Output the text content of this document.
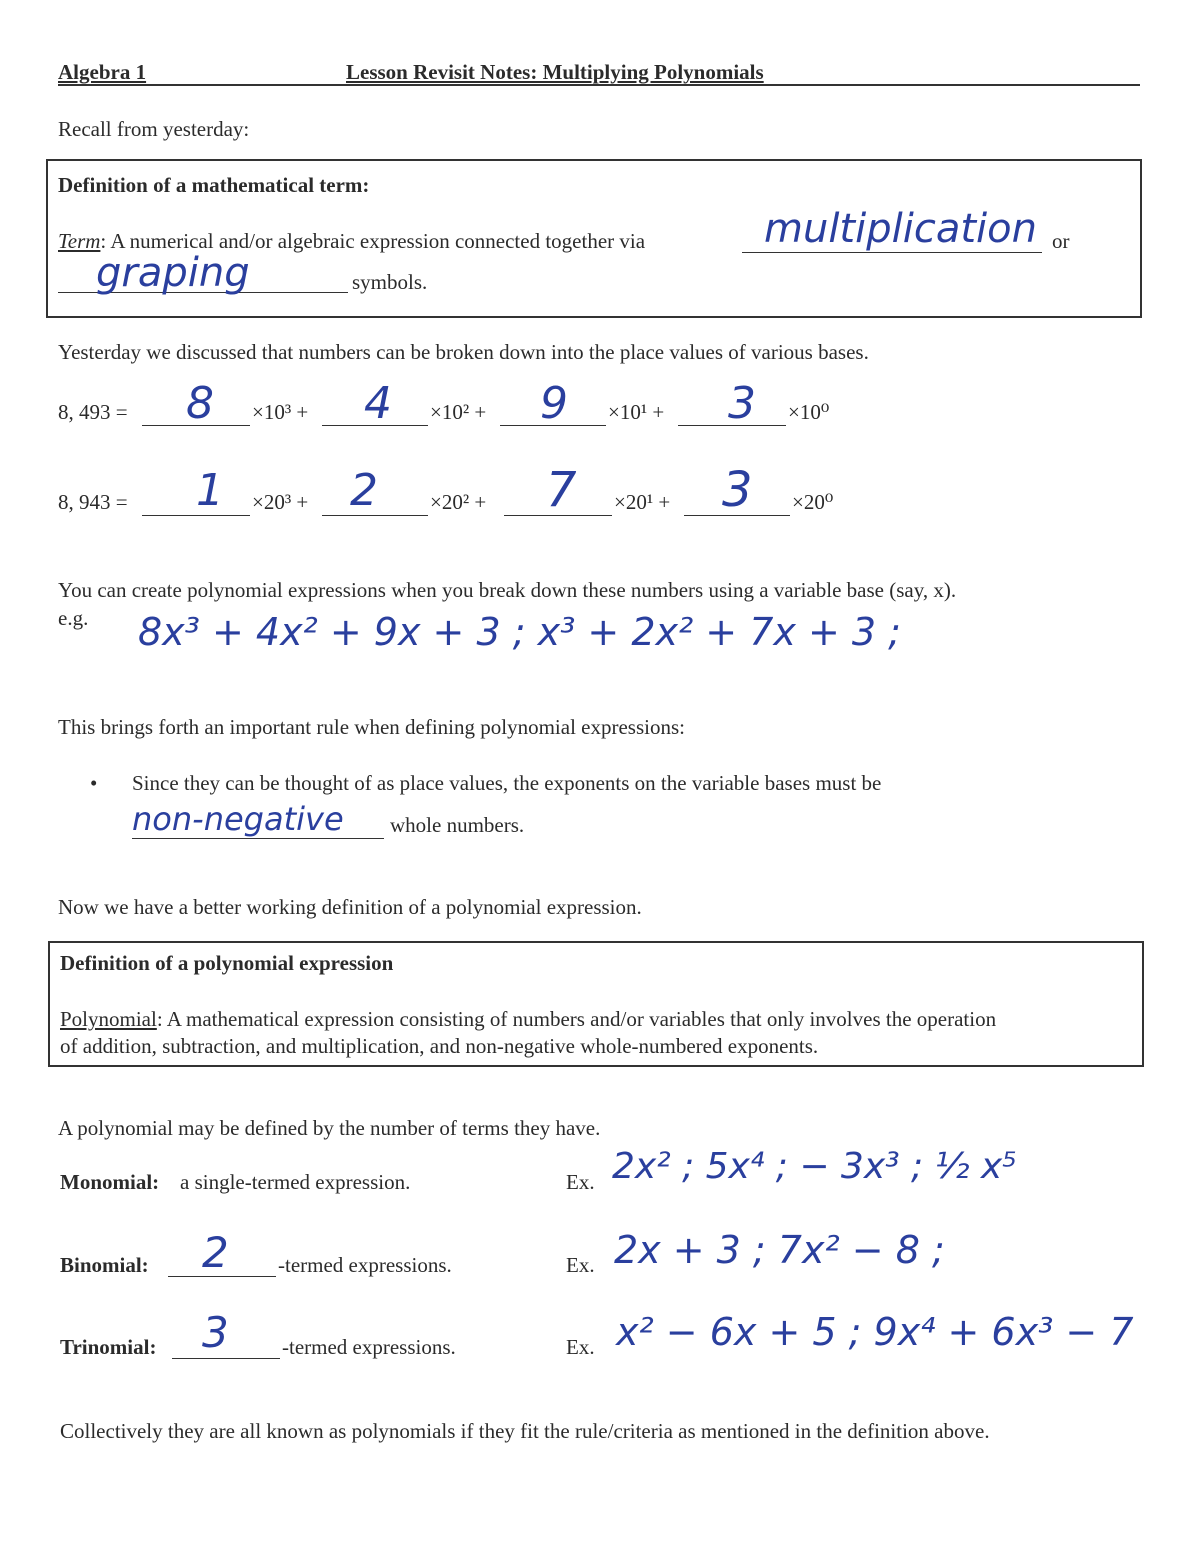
Algebra 1	Lesson Revisit Notes: Multiplying Polynomials
Recall from yesterday:
Definition of a mathematical term:
Term: A numerical and/or algebraic expression connected together via	multiplication or
graping	symbols.
Yesterday we discussed that numbers can be broken down into the place values of various bases.
8, 493 = 8 ×10³ + 4 ×10² + 9 ×10¹ + 3 ×10⁰
8, 943 = 1 ×20³ + 2 ×20² + 7 ×20¹ + 3 ×20⁰
You can create polynomial expressions when you break down these numbers using a variable base (say, x).
e.g. 8x³ + 4x² + 9x + 3 ; x³ + 2x² + 7x + 3 ;
This brings forth an important rule when defining polynomial expressions:
• Since they can be thought of as place values, the exponents on the variable bases must be
non-negative whole numbers.
Now we have a better working definition of a polynomial expression.
Definition of a polynomial expression
Polynomial: A mathematical expression consisting of numbers and/or variables that only involves the operation
of addition, subtraction, and multiplication, and non-negative whole-numbered exponents.
A polynomial may be defined by the number of terms they have.
Monomial: a single-termed expression.	Ex. 2x² ; 5x⁴ ; − 3x³ ; ½ x⁵
Binomial: 2 -termed expressions.	Ex. 2x + 3 ; 7x² − 8 ;
Trinomial: 3	-termed expressions.	Ex. x² − 6x + 5 ; 9x⁴ + 6x³ − 7
Collectively they are all known as polynomials if they fit the rule/criteria as mentioned in the definition above.
